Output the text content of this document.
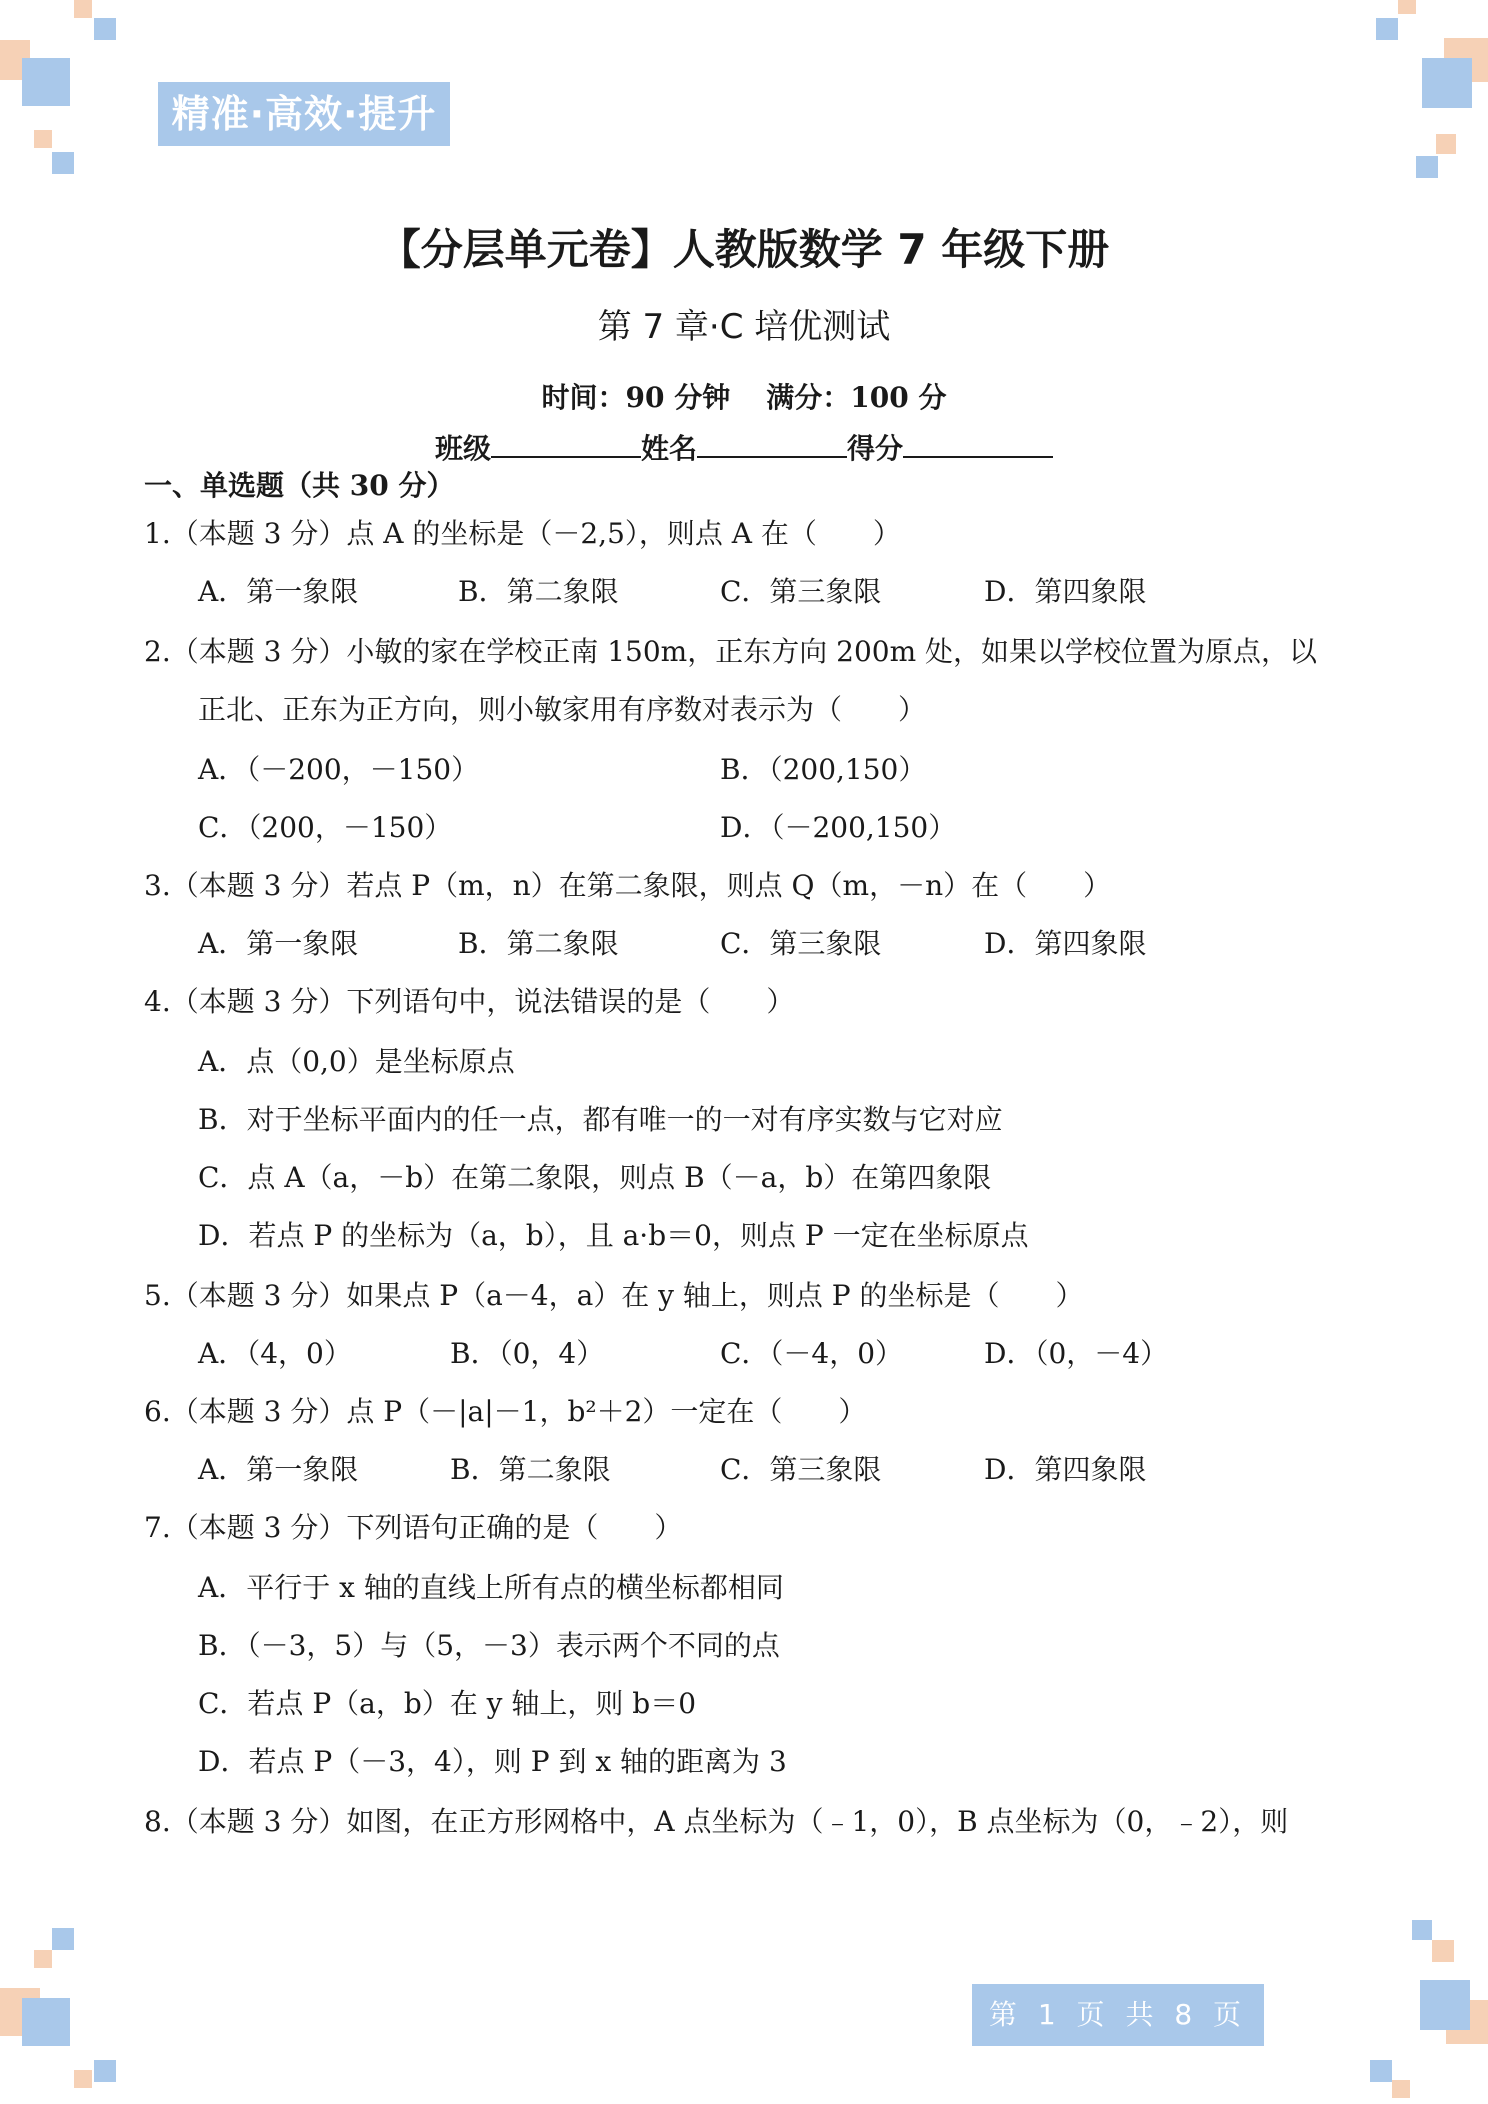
精准·高效·提升
【分层单元卷】人教版数学 7 年级下册
第 7 章·C 培优测试
时间：90 分钟 满分：100 分
班级	姓名	得分
一、单选题（共 30 分）
1.（本题 3 分）点 A 的坐标是（－2,5），则点 A 在（　　）
A．第一象限	B．第二象限	C．第三象限	D．第四象限
2.（本题 3 分）小敏的家在学校正南 150m，正东方向 200m 处，如果以学校位置为原点，以
正北、正东为正方向，则小敏家用有序数对表示为（　　）
A．（－200，－150）	B．（200,150）
C．（200，－150）	D．（－200,150）
3.（本题 3 分）若点 P（m，n）在第二象限，则点 Q（m，－n）在（　　）
A．第一象限	B．第二象限	C．第三象限	D．第四象限
4.（本题 3 分）下列语句中，说法错误的是（　　）
A．点（0,0）是坐标原点
B．对于坐标平面内的任一点，都有唯一的一对有序实数与它对应
C．点 A（a，－b）在第二象限，则点 B（－a，b）在第四象限
D．若点 P 的坐标为（a，b），且 a·b＝0，则点 P 一定在坐标原点
5.（本题 3 分）如果点 P（a－4，a）在 y 轴上，则点 P 的坐标是（　　）
A．（4，0）	B．（0，4）	C．（－4，0）	D．（0，－4）
6.（本题 3 分）点 P（－|a|－1，b²＋2）一定在（　　）
A．第一象限	B．第二象限	C．第三象限	D．第四象限
7.（本题 3 分）下列语句正确的是（　　）
A．平行于 x 轴的直线上所有点的横坐标都相同
B．（－3，5）与（5，－3）表示两个不同的点
C．若点 P（a，b）在 y 轴上，则 b＝0
D．若点 P（－3，4），则 P 到 x 轴的距离为 3
8.（本题 3 分）如图，在正方形网格中，A 点坐标为（﹣1，0），B 点坐标为（0，﹣2），则
第 1 页 共 8 页
